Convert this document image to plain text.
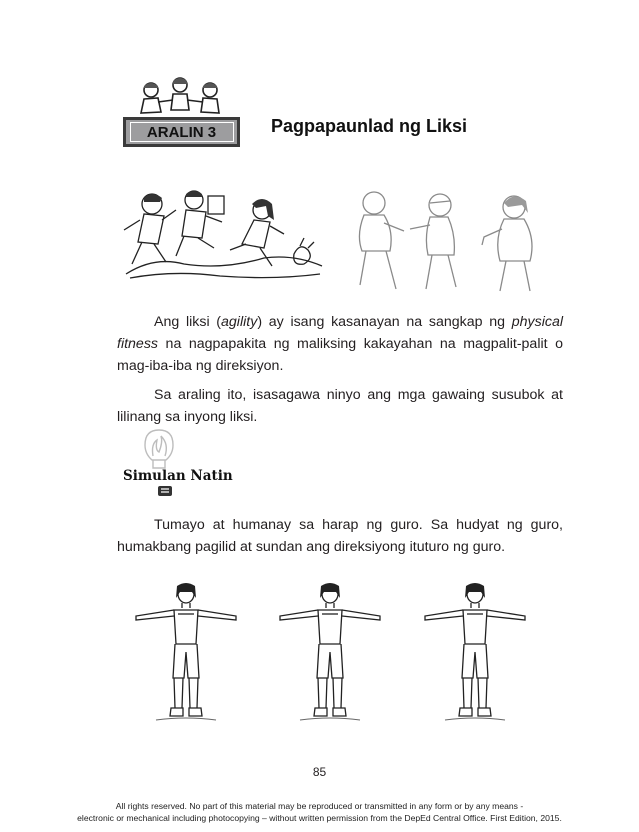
ARALIN 3	Pagpapaunlad ng Liksi

Ang liksi (agility) ay isang kasanayan na sangkap ng physical fitness na nagpapakita ng maliksing kakayahan na magpalit-palit o mag-iba-iba ng direksiyon.

Sa araling ito, isasagawa ninyo ang mga gawaing susubok at lilinang sa inyong liksi.

Simulan Natin

Tumayo at humanay sa harap ng guro. Sa hudyat ng guro, humakbang pagilid at sundan ang direksiyong ituturo ng guro.

85
All rights reserved. No part of this material may be reproduced or transmitted in any form or by any means -
electronic or mechanical including photocopying – without written permission from the DepEd Central Office. First Edition, 2015.
